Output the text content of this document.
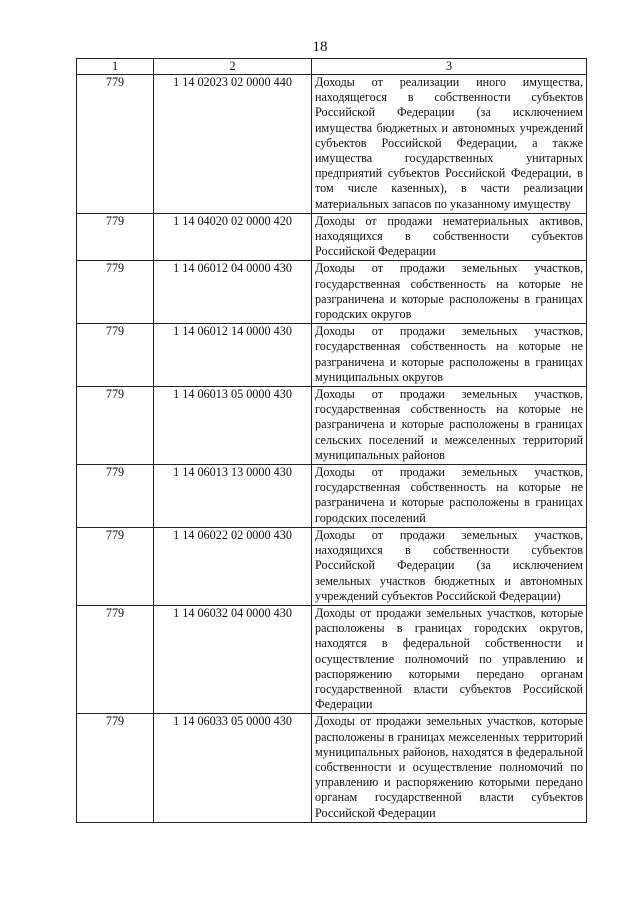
18
1	2	3
779	1 14 02023 02 0000 440	Доходы от реализации иного имущества, находящегося в собственности субъектов Российской Федерации (за исключением имущества бюджетных и автономных учреждений субъектов Российской Федерации, а также имущества государственных унитарных предприятий субъектов Российской Федерации, в том числе казенных), в части реализации материальных запасов по указанному имуществу
779	1 14 04020 02 0000 420	Доходы от продажи нематериальных активов, находящихся в собственности субъектов Российской Федерации
779	1 14 06012 04 0000 430	Доходы от продажи земельных участков, государственная собственность на которые не разграничена и которые расположены в границах городских округов
779	1 14 06012 14 0000 430	Доходы от продажи земельных участков, государственная собственность на которые не разграничена и которые расположены в границах муниципальных округов
779	1 14 06013 05 0000 430	Доходы от продажи земельных участков, государственная собственность на которые не разграничена и которые расположены в границах сельских поселений и межселенных территорий муниципальных районов
779	1 14 06013 13 0000 430	Доходы от продажи земельных участков, государственная собственность на которые не разграничена и которые расположены в границах городских поселений
779	1 14 06022 02 0000 430	Доходы от продажи земельных участков, находящихся в собственности субъектов Российской Федерации (за исключением земельных участков бюджетных и автономных учреждений субъектов Российской Федерации)
779	1 14 06032 04 0000 430	Доходы от продажи земельных участков, которые расположены в границах городских округов, находятся в федеральной собственности и осуществление полномочий по управлению и распоряжению которыми передано органам государственной власти субъектов Российской Федерации
779	1 14 06033 05 0000 430	Доходы от продажи земельных участков, которые расположены в границах межселенных территорий муниципальных районов, находятся в федеральной собственности и осуществление полномочий по управлению и распоряжению которыми передано органам государственной власти субъектов Российской Федерации
